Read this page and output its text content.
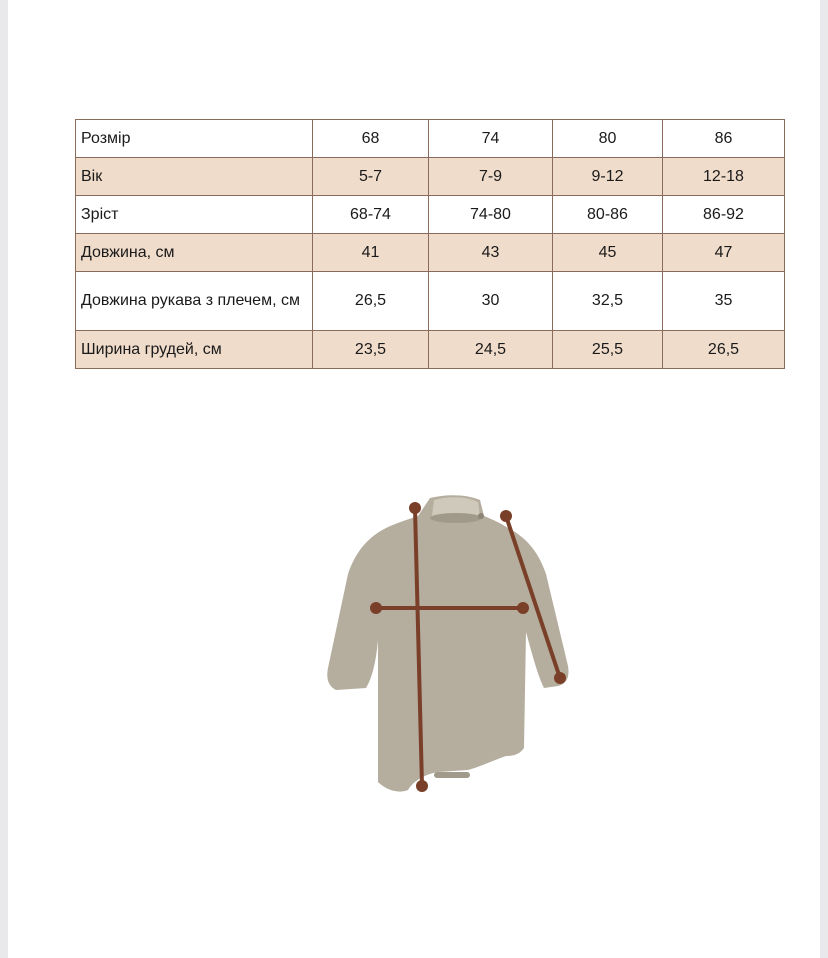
Розмір	68	74	80	86
Вік	5-7	7-9	9-12	12-18
Зріст	68-74	74-80	80-86	86-92
Довжина, см	41	43	45	47
Довжина рукава з плечем, см	26,5	30	32,5	35
Ширина грудей, см	23,5	24,5	25,5	26,5
